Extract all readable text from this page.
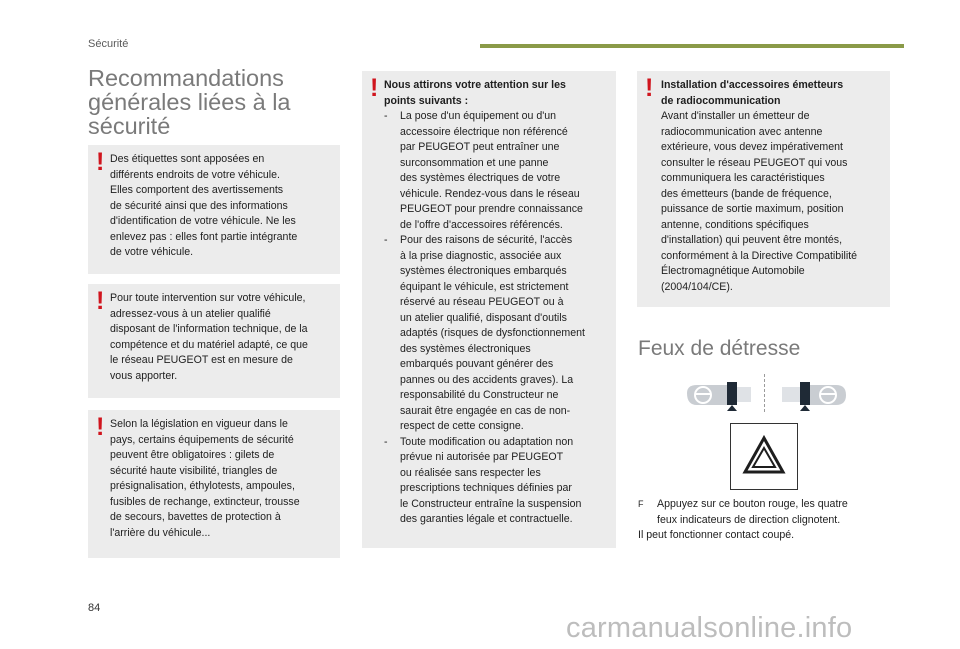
Sécurité
Recommandations
générales liées à la
sécurité
! Des étiquettes sont apposées en

différents endroits de votre véhicule.

Elles comportent des avertissements

de sécurité ainsi que des informations

d'identification de votre véhicule. Ne les

enlevez pas : elles font partie intégrante

de votre véhicule.

! Pour toute intervention sur votre véhicule,

adressez-vous à un atelier qualifié

disposant de l'information technique, de la

compétence et du matériel adapté, ce que

le réseau PEUGEOT est en mesure de

vous apporter.

! Selon la législation en vigueur dans le

pays, certains équipements de sécurité

peuvent être obligatoires : gilets de

sécurité haute visibilité, triangles de

présignalisation, éthylotests, ampoules,

fusibles de rechange, extincteur, trousse

de secours, bavettes de protection à

l'arrière du véhicule...

! Nous attirons votre attention sur les

points suivants :

- La pose d'un équipement ou d'un
accessoire électrique non référencé
par PEUGEOT peut entraîner une
surconsommation et une panne
des systèmes électriques de votre
véhicule. Rendez-vous dans le réseau
PEUGEOT pour prendre connaissance
de l'offre d'accessoires référencés.
- Pour des raisons de sécurité, l'accès
à la prise diagnostic, associée aux
systèmes électroniques embarqués
équipant le véhicule, est strictement
réservé au réseau PEUGEOT ou à
un atelier qualifié, disposant d'outils
adaptés (risques de dysfonctionnement
des systèmes électroniques
embarqués pouvant générer des
pannes ou des accidents graves). La
responsabilité du Constructeur ne
saurait être engagée en cas de non-
respect de cette consigne.
- Toute modification ou adaptation non
prévue ni autorisée par PEUGEOT
ou réalisée sans respecter les
prescriptions techniques définies par
le Constructeur entraîne la suspension
des garanties légale et contractuelle.
! Installation d'accessoires émetteurs

de radiocommunication

Avant d'installer un émetteur de

radiocommunication avec antenne

extérieure, vous devez impérativement

consulter le réseau PEUGEOT qui vous

communiquera les caractéristiques

des émetteurs (bande de fréquence,

puissance de sortie maximum, position

antenne, conditions spécifiques

d'installation) qui peuvent être montés,

conformément à la Directive Compatibilité

Électromagnétique Automobile

(2004/104/CE).

Feux de détresse
F Appuyez sur ce bouton rouge, les quatre
feux indicateurs de direction clignotent.
Il peut fonctionner contact coupé.
84
carmanualsonline.info
